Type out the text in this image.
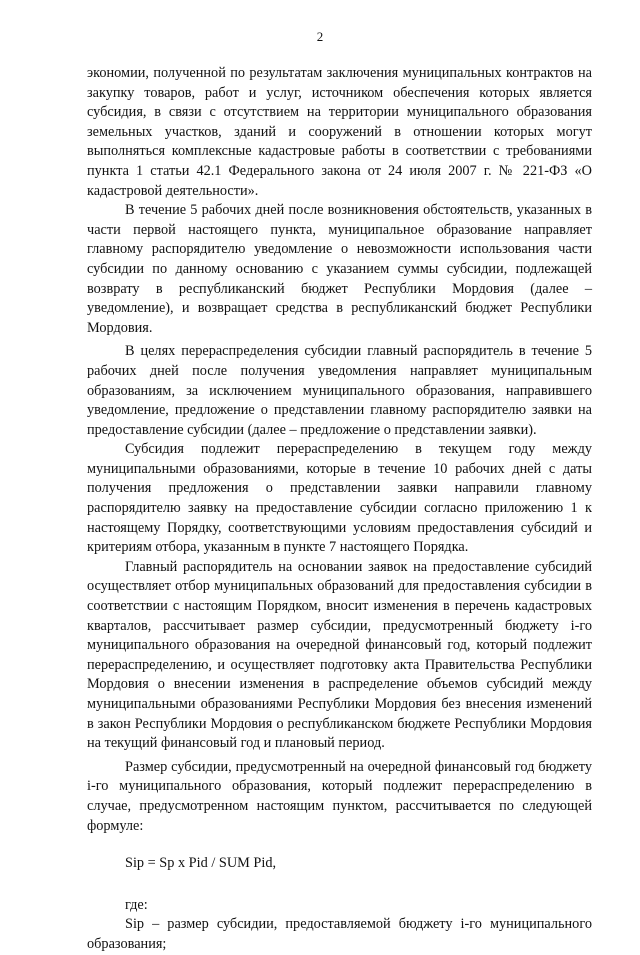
2

экономии, полученной по результатам заключения муниципальных контрактов на закупку товаров, работ и услуг, источником обеспечения которых является субсидия, в связи с отсутствием на территории муниципального образования земельных участков, зданий и сооружений в отношении которых могут выполняться комплексные кадастровые работы в соответствии с требованиями пункта 1 статьи 42.1 Федерального закона от 24 июля 2007 г. № 221-ФЗ «О кадастровой деятельности».

В течение 5 рабочих дней после возникновения обстоятельств, указанных в части первой настоящего пункта, муниципальное образование направляет главному распорядителю уведомление о невозможности использования части субсидии по данному основанию с указанием суммы субсидии, подлежащей возврату в республиканский бюджет Республики Мордовия (далее – уведомление), и возвращает средства в республиканский бюджет Республики Мордовия.

В целях перераспределения субсидии главный распорядитель в течение 5 рабочих дней после получения уведомления направляет муниципальным образованиям, за исключением муниципального образования, направившего уведомление, предложение о представлении главному распорядителю заявки на предоставление субсидии (далее – предложение о представлении заявки).

Субсидия подлежит перераспределению в текущем году между муниципальными образованиями, которые в течение 10 рабочих дней с даты получения предложения о представлении заявки направили главному распорядителю заявку на предоставление субсидии согласно приложению 1 к настоящему Порядку, соответствующими условиям предоставления субсидий и критериям отбора, указанным в пункте 7 настоящего Порядка.

Главный распорядитель на основании заявок на предоставление субсидий осуществляет отбор муниципальных образований для предоставления субсидии в соответствии с настоящим Порядком, вносит изменения в перечень кадастровых кварталов, рассчитывает размер субсидии, предусмотренный бюджету i-го муниципального образования на очередной финансовый год, который подлежит перераспределению, и осуществляет подготовку акта Правительства Республики Мордовия о внесении изменения в распределение объемов субсидий между муниципальными образованиями Республики Мордовия без внесения изменений в закон Республики Мордовия о республиканском бюджете Республики Мордовия на текущий финансовый год и плановый период.

Размер субсидии, предусмотренный на очередной финансовый год бюджету i-го муниципального образования, который подлежит перераспределению в случае, предусмотренном настоящим пунктом, рассчитывается по следующей формуле:

Sip = Sp x Pid / SUM Pid,

где:

Sip – размер субсидии, предоставляемой бюджету i-го муниципального образования;
